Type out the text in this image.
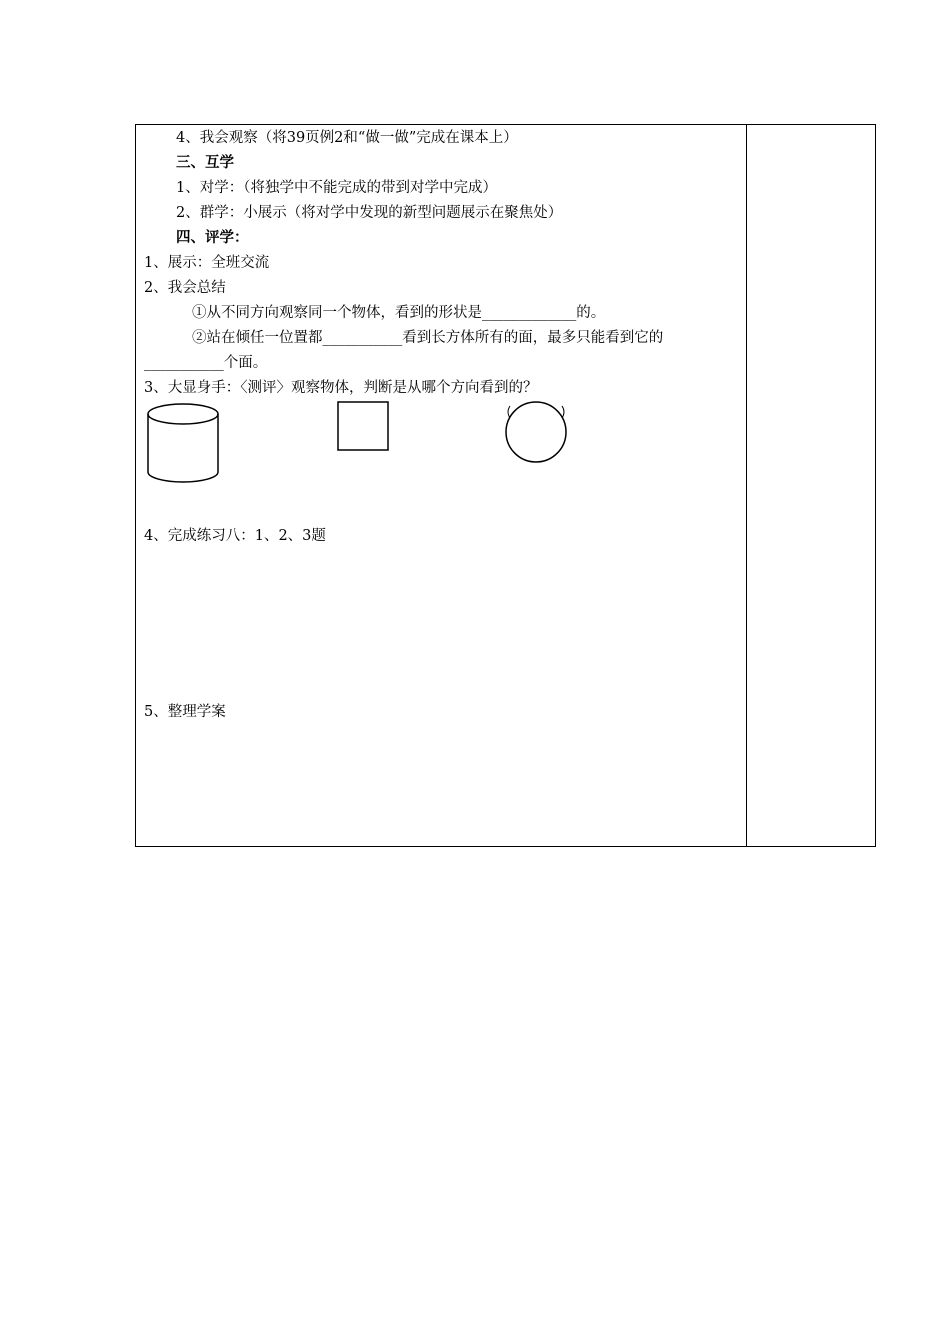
4、我会观察（将39页例2和“做一做”完成在课本上）
三、互学
1、对学：（将独学中不能完成的带到对学中完成）
2、群学：小展示（将对学中发现的新型问题展示在聚焦处）
四、评学：
1、展示：全班交流
2、我会总结
①从不同方向观察同一个物体，看到的形状是_____________的。
②站在倾任一位置都___________看到长方体所有的面，最多只能看到它的
___________个面。
3、大显身手：〈测评〉观察物体，判断是从哪个方向看到的？
4、完成练习八：1、2、3题
5、整理学案
